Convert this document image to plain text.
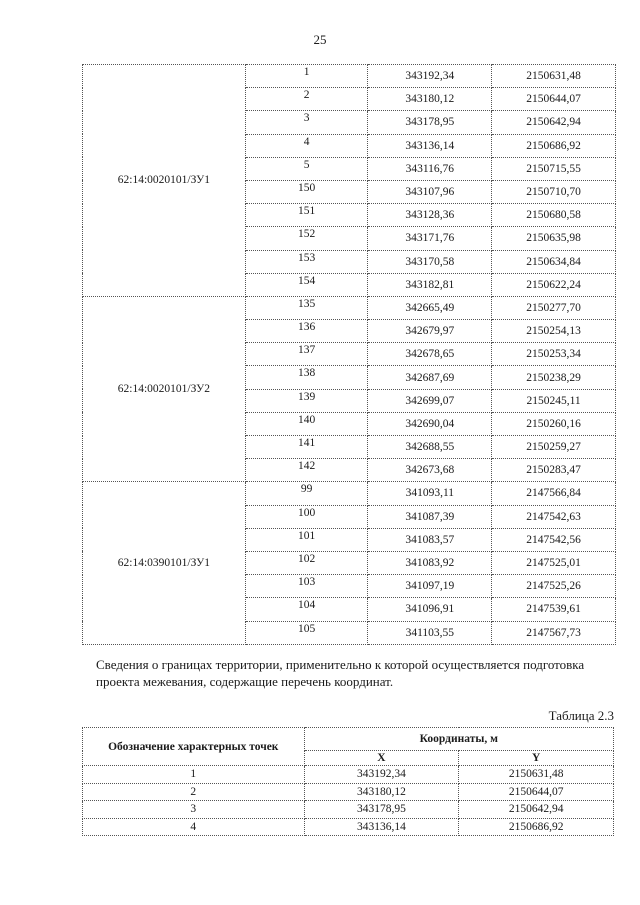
25
62:14:0020101/ЗУ1	1	343192,34	2150631,48
	2	343180,12	2150644,07
	3	343178,95	2150642,94
	4	343136,14	2150686,92
	5	343116,76	2150715,55
	150	343107,96	2150710,70
	151	343128,36	2150680,58
	152	343171,76	2150635,98
	153	343170,58	2150634,84
	154	343182,81	2150622,24
62:14:0020101/ЗУ2	135	342665,49	2150277,70
	136	342679,97	2150254,13
	137	342678,65	2150253,34
	138	342687,69	2150238,29
	139	342699,07	2150245,11
	140	342690,04	2150260,16
	141	342688,55	2150259,27
	142	342673,68	2150283,47
62:14:0390101/ЗУ1	99	341093,11	2147566,84
	100	341087,39	2147542,63
	101	341083,57	2147542,56
	102	341083,92	2147525,01
	103	341097,19	2147525,26
	104	341096,91	2147539,61
	105	341103,55	2147567,73

Сведения о границах территории, применительно к которой осуществляется подготовка проекта межевания, содержащие перечень координат.

Таблица 2.3
Обозначение характерных точек	Координаты, м	
	X	Y
1	343192,34	2150631,48
2	343180,12	2150644,07
3	343178,95	2150642,94
4	343136,14	2150686,92
